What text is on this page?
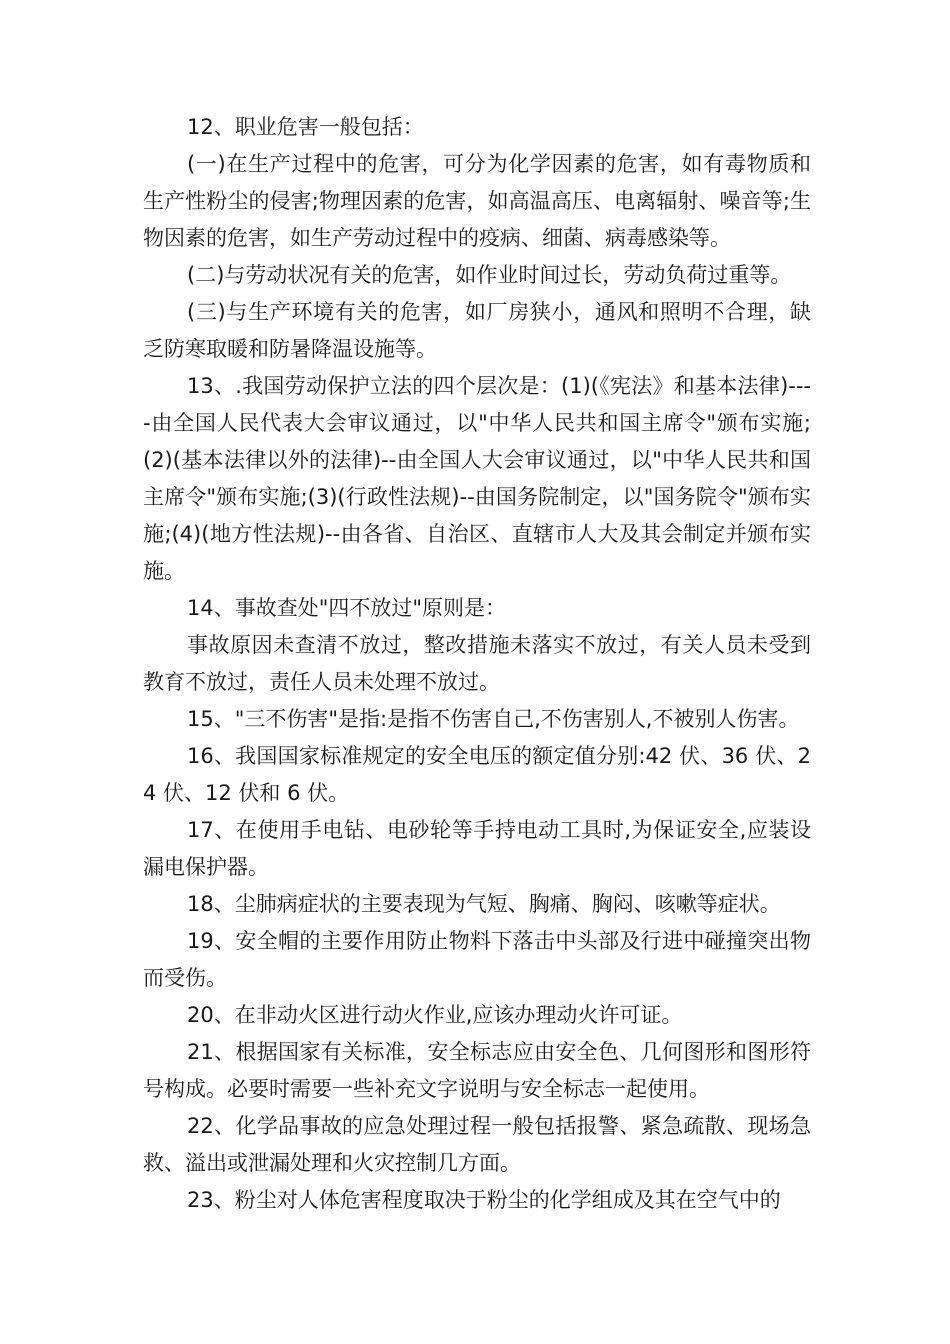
12、职业危害一般包括：

(一)在生产过程中的危害，可分为化学因素的危害，如有毒物质和生产性粉尘的侵害;物理因素的危害，如高温高压、电离辐射、噪音等;生物因素的危害，如生产劳动过程中的疫病、细菌、病毒感染等。

(二)与劳动状况有关的危害，如作业时间过长，劳动负荷过重等。

(三)与生产环境有关的危害，如厂房狭小，通风和照明不合理，缺乏防寒取暖和防暑降温设施等。

13、.我国劳动保护立法的四个层次是：(1)(《宪法》和基本法律)----由全国人民代表大会审议通过，以"中华人民共和国主席令"颁布实施;(2)(基本法律以外的法律)--由全国人大会审议通过，以"中华人民共和国主席令"颁布实施;(3)(行政性法规)--由国务院制定，以"国务院令"颁布实施;(4)(地方性法规)--由各省、自治区、直辖市人大及其会制定并颁布实施。

14、事故查处"四不放过"原则是：

事故原因未查清不放过，整改措施未落实不放过，有关人员未受到教育不放过，责任人员未处理不放过。

15、"三不伤害"是指:是指不伤害自己,不伤害别人,不被别人伤害。

16、我国国家标准规定的安全电压的额定值分别:42 伏、36 伏、24 伏、12 伏和 6 伏。

17、在使用手电钻、电砂轮等手持电动工具时,为保证安全,应装设漏电保护器。

18、尘肺病症状的主要表现为气短、胸痛、胸闷、咳嗽等症状。

19、安全帽的主要作用防止物料下落击中头部及行进中碰撞突出物而受伤。

20、在非动火区进行动火作业,应该办理动火许可证。

21、根据国家有关标准，安全标志应由安全色、几何图形和图形符号构成。必要时需要一些补充文字说明与安全标志一起使用。

22、化学品事故的应急处理过程一般包括报警、紧急疏散、现场急救、溢出或泄漏处理和火灾控制几方面。

23、粉尘对人体危害程度取决于粉尘的化学组成及其在空气中的
